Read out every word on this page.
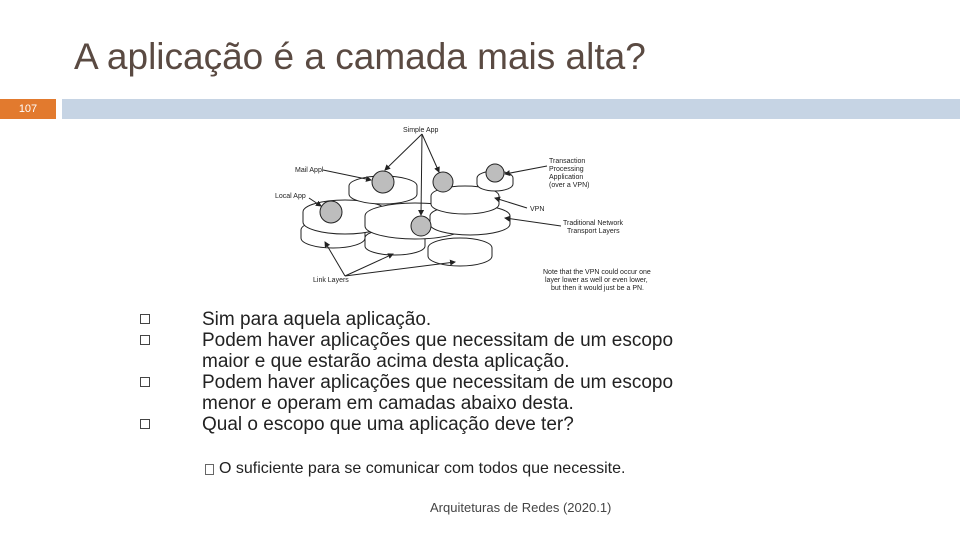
A aplicação é a camada mais alta?
107
Simple App
Mail Appl
Local App
Link Layers
Transaction
Processing
Application
(over a VPN)
VPN
Traditional Network
Transport Layers
Note that the VPN could occur one
layer lower as well or even lower,
but then it would just be a PN.
Sim para aquela aplicação.
Podem haver aplicações que necessitam de um escopo
maior e que estarão acima desta aplicação.
Podem haver aplicações que necessitam de um escopo
menor e operam em camadas abaixo desta.
Qual o escopo que uma aplicação deve ter?
O suficiente para se comunicar com todos que necessite.
Arquiteturas de Redes (2020.1)
